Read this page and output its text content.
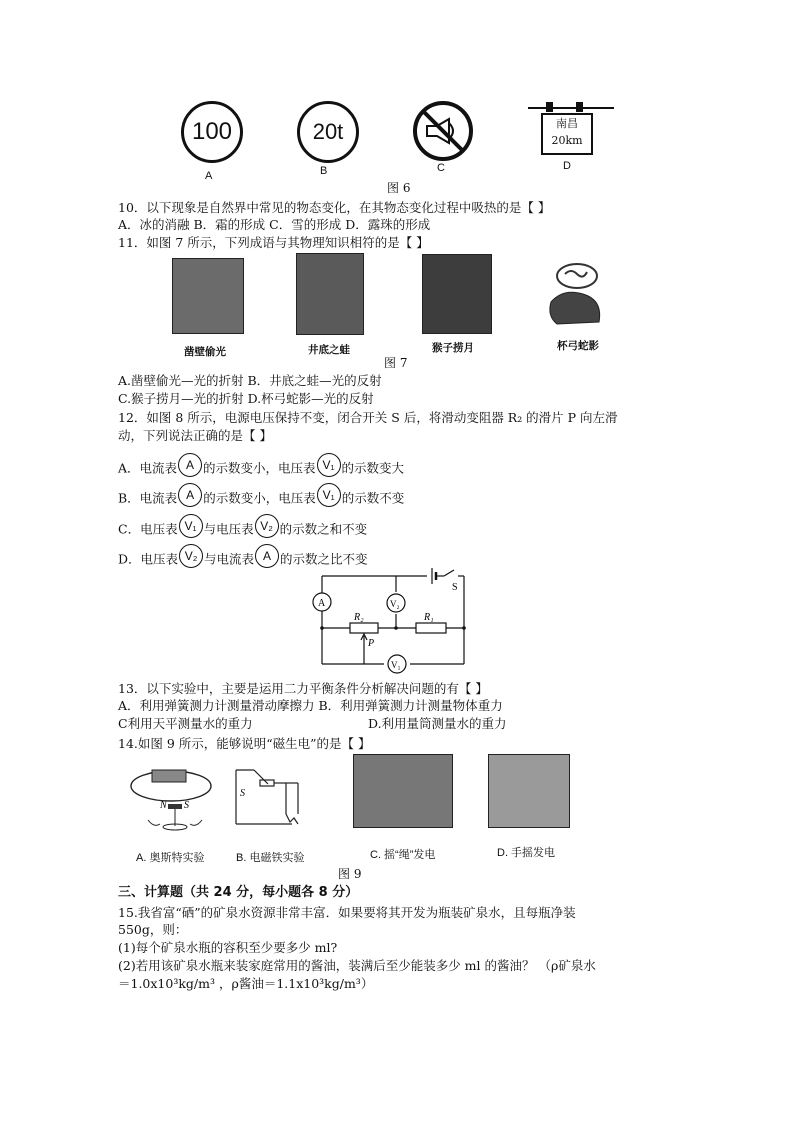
100
A
20t
B	C
南昌
20km
D
图 6
10．以下现象是自然界中常见的物态变化，在其物态变化过程中吸热的是【 】
A．冰的消融 B．霜的形成 C．雪的形成 D．露珠的形成
11．如图 7 所示，下列成语与其物理知识相符的是【 】
凿壁偷光	井底之蛙	猴子捞月	杯弓蛇影
图 7
A.凿壁偷光—光的折射 B．井底之蛙—光的反射
C.猴子捞月—光的折射 D.杯弓蛇影—光的反射
12．如图 8 所示，电源电压保持不变，闭合开关 S 后，将滑动变阻器 R₂ 的滑片 P 向左滑
动，下列说法正确的是【 】
A．电流表 A 的示数变小，电压表 V₁ 的示数变大
B．电流表 A 的示数变小，电压表 V₁ 的示数不变
C．电压表 V₁ 与电压表 V₂ 的示数之和不变
D．电压表 V₂ 与电流表 A 的示数之比不变
A	V₂
V₁
R₂	R₁
P
S
13．以下实验中，主要是运用二力平衡条件分析解决问题的有【 】
A．利用弹簧测力计测量滑动摩擦力 B．利用弹簧测力计测量物体重力
C利用天平测量水的重力	D.利用量筒测量水的重力
14.如图 9 所示，能够说明“磁生电”的是【 】
N S
S
A. 奥斯特实验	B. 电磁铁实验	C. 摇“绳”发电	D. 手摇发电
图 9
三、计算题（共 24 分，每小题各 8 分）
15.我省富“硒”的矿泉水资源非常丰富．如果要将其开发为瓶装矿泉水，且每瓶净装
550g，则：
(1)每个矿泉水瓶的容积至少要多少 ml?
(2)若用该矿泉水瓶来装家庭常用的酱油，装满后至少能装多少 ml 的酱油？ （ρ矿泉水
＝1.0x10³kg/m³ ，ρ酱油＝1.1x10³kg/m³）
